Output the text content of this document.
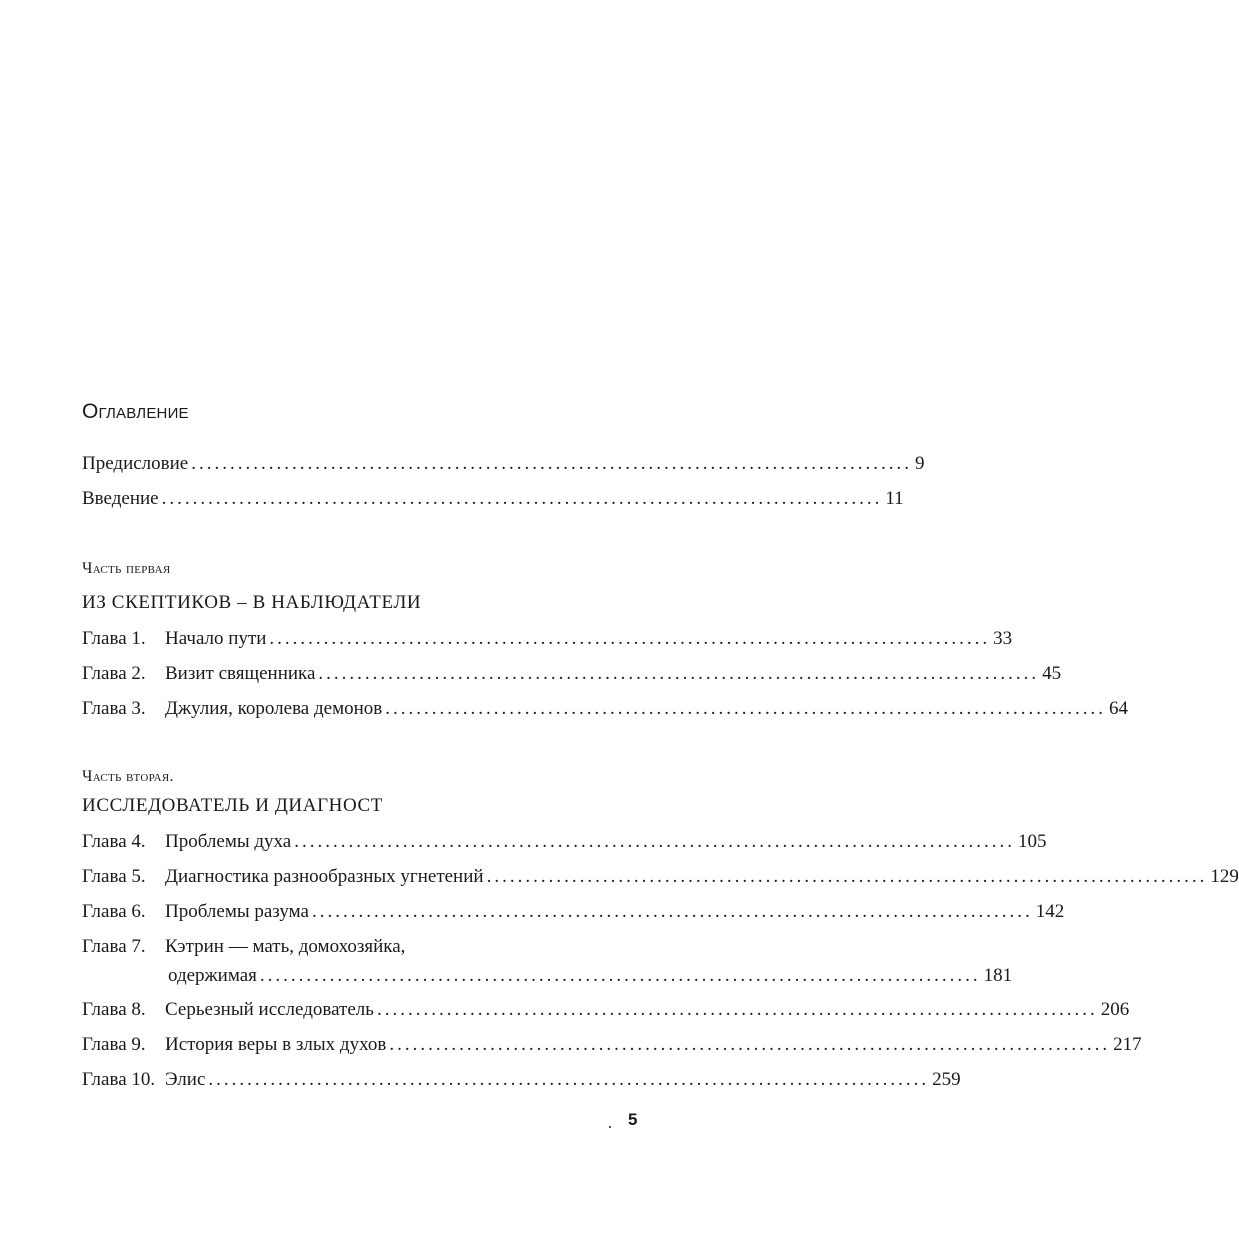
Оглавление
Предисловие ............................................................................................. 9
Введение ............................................................................................. 11
Часть первая
ИЗ СКЕПТИКОВ – В НАБЛЮДАТЕЛИ
Глава 1. Начало пути ............................................................................................. 33
Глава 2. Визит священника ............................................................................................. 45
Глава 3. Джулия, королева демонов ............................................................................................. 64
Часть вторая.
ИССЛЕДОВАТЕЛЬ И ДИАГНОСТ
Глава 4. Проблемы духа ............................................................................................. 105
Глава 5. Диагностика разнообразных угнетений ............................................................................................. 129
Глава 6. Проблемы разума ............................................................................................. 142
Глава 7. Кэтрин — мать, домохозяйка,
одержимая ............................................................................................. 181
Глава 8. Серьезный исследователь ............................................................................................. 206
Глава 9. История веры в злых духов ............................................................................................. 217
Глава 10. Элис ............................................................................................. 259
5
